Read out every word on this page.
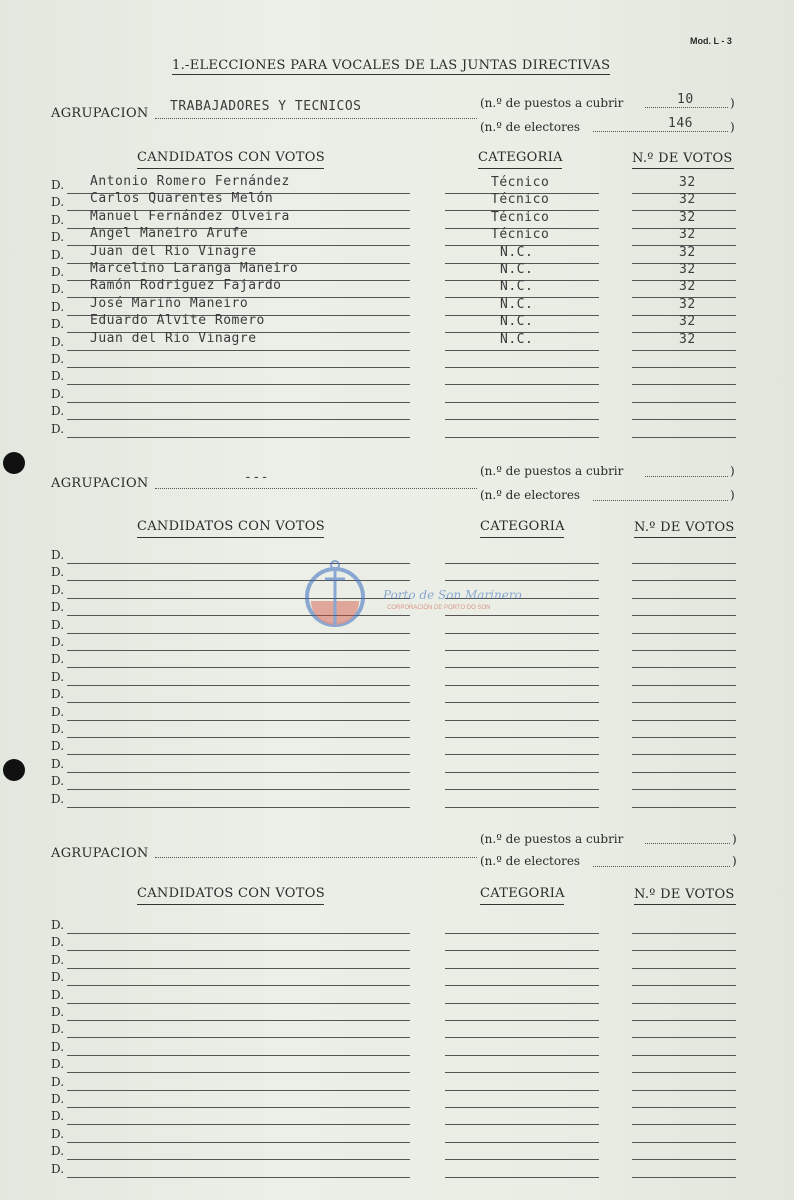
Mod. L - 3
1.-ELECCIONES PARA VOCALES DE LAS JUNTAS DIRECTIVAS
AGRUPACION TRABAJADORES Y TECNICOS	(n.º de puestos a cubrir	10	)
(n.º de electores	146	)
CANDIDATOS CON VOTOS	CATEGORIA	N.º DE VOTOS
D. Antonio Romero Fernández	Técnico	32
D. Carlos Quarentes Melón	Técnico	32
D. Manuel Fernández Olveira	Técnico	32
D. Angel Maneiro Arufe	Técnico	32
D. Juan del Rio Vinagre	N.C.	32
D. Marcelino Laranga Maneiro	N.C.	32
D. Ramón Rodriguez Fajardo	N.C.	32
D. José Mariño Maneiro	N.C.	32
D. Eduardo Alvite Romero	N.C.	32
D. Juan del Rio Vinagre	N.C.	32
D.
D.
D.
D.
D.
AGRUPACION	---	(n.º de puestos a cubrir	)
(n.º de electores	)
CANDIDATOS CON VOTOS	CATEGORIA	N.º DE VOTOS
D.
D.
D.
D.
D.
D.
D.
D.
D.
D.
D.
D.
D.
D.
D.
AGRUPACION
(n.º de puestos a cubrir	)
(n.º de electores	)
CANDIDATOS CON VOTOS	CATEGORIA	N.º DE VOTOS
D.
D.
D.
D.
D.
D.
D.
D.
D.
D.
D.
D.
D.
D.
D.
Porto de Son Marinero
CORPORACIÓN DE PORTO DO SON
